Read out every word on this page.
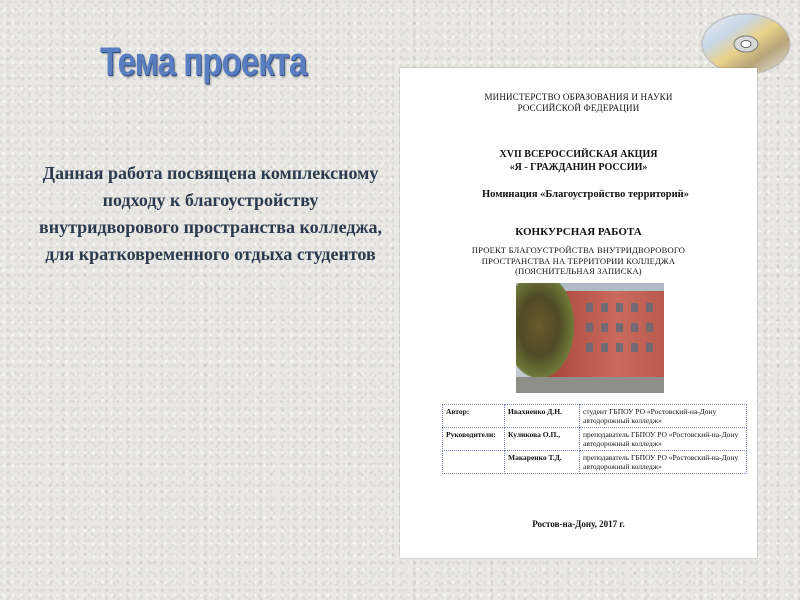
Тема проекта
Данная работа посвящена комплексному подходу к благоустройству внутридворового пространства колледжа, для кратковременного отдыха студентов
МИНИСТЕРСТВО ОБРАЗОВАНИЯ И НАУКИ
РОССИЙСКОЙ ФЕДЕРАЦИИ
XVII ВСЕРОССИЙСКАЯ АКЦИЯ
«Я - ГРАЖДАНИН РОССИИ»
Номинация «Благоустройство территорий»
КОНКУРСНАЯ РАБОТА
ПРОЕКТ БЛАГОУСТРОЙСТВА ВНУТРИДВОРОВОГО
ПРОСТРАНСТВА НА ТЕРРИТОРИИ КОЛЛЕДЖА
(ПОЯСНИТЕЛЬНАЯ ЗАПИСКА)
Автор:	Ивахненко Д.Н.	студент ГБПОУ РО «Ростовский-на-Дону автодорожный колледж»
Руководители:	Куликова О.П.,	преподаватель ГБПОУ РО «Ростовский-на-Дону автодорожный колледж»
	Макаренко Т.Д.	преподаватель ГБПОУ РО «Ростовский-на-Дону автодорожный колледж»
Ростов-на-Дону, 2017 г.
